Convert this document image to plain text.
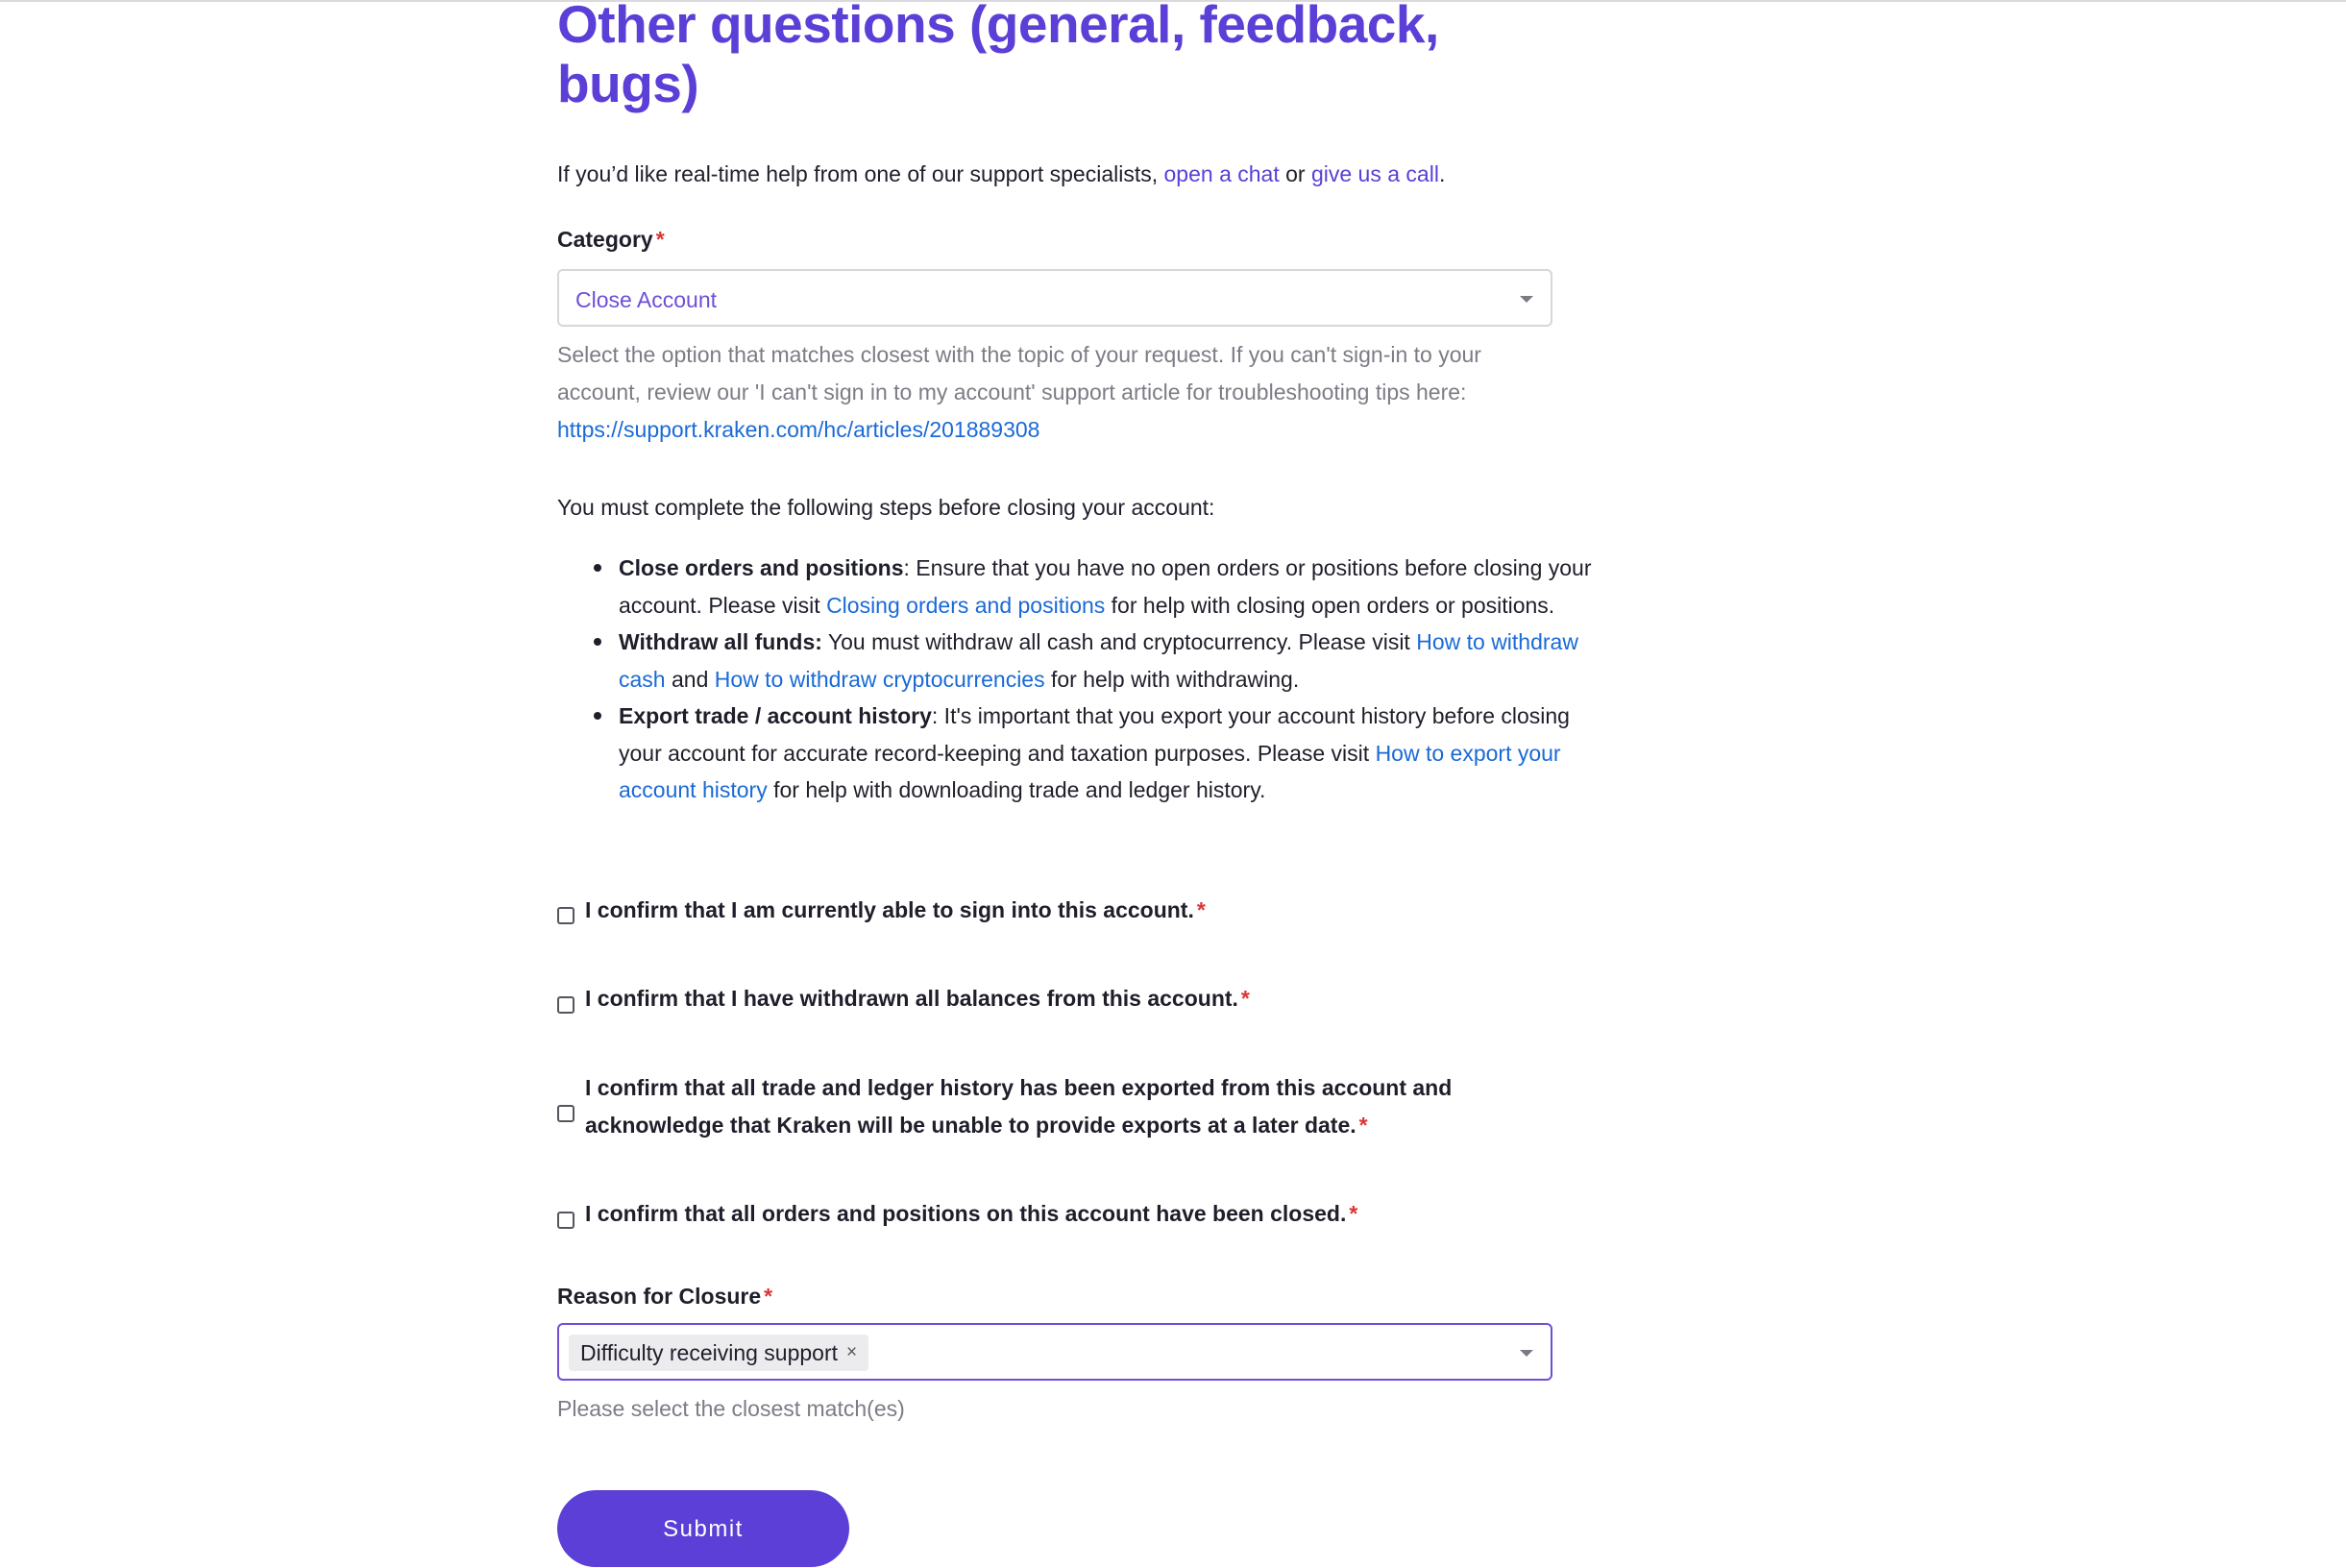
Other questions (general, feedback, bugs)
If you’d like real-time help from one of our support specialists, open a chat or give us a call.
Category *
Close Account
Select the option that matches closest with the topic of your request. If you can't sign-in to your
account, review our 'I can't sign in to my account' support article for troubleshooting tips here:
https://support.kraken.com/hc/articles/201889308
You must complete the following steps before closing your account:
Close orders and positions: Ensure that you have no open orders or positions before closing your account. Please visit Closing orders and positions for help with closing open orders or positions.
Withdraw all funds: You must withdraw all cash and cryptocurrency. Please visit How to withdraw cash and How to withdraw cryptocurrencies for help with withdrawing.
Export trade / account history: It's important that you export your account history before closing your account for accurate record-keeping and taxation purposes. Please visit How to export your account history for help with downloading trade and ledger history.
I confirm that I am currently able to sign into this account. *
I confirm that I have withdrawn all balances from this account. *
I confirm that all trade and ledger history has been exported from this account and acknowledge that Kraken will be unable to provide exports at a later date. *
I confirm that all orders and positions on this account have been closed. *
Reason for Closure *
Difficulty receiving support ×
Please select the closest match(es)
Submit
